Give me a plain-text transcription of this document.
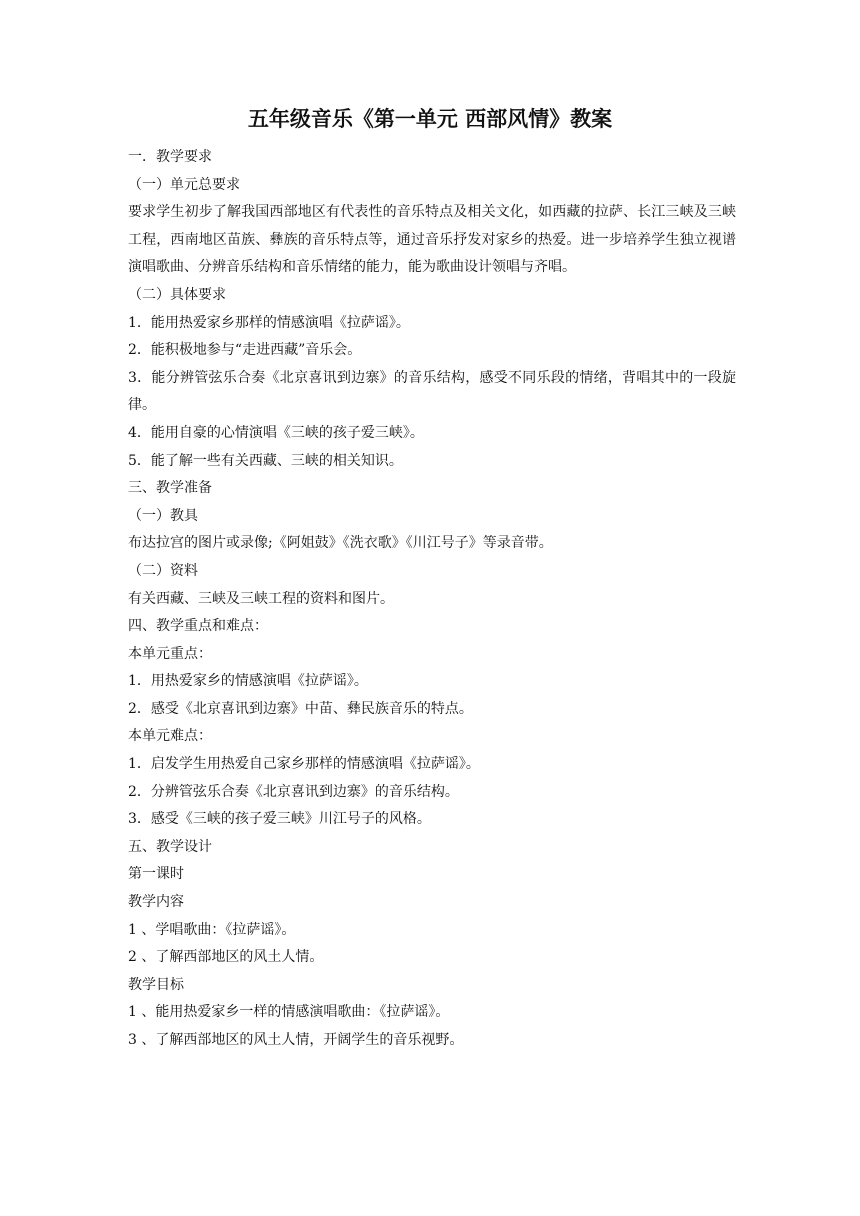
五年级音乐《第一单元 西部风情》教案
一．教学要求
（一）单元总要求
要求学生初步了解我国西部地区有代表性的音乐特点及相关文化，如西藏的拉萨、长江三峡及三峡工程，西南地区苗族、彝族的音乐特点等，通过音乐抒发对家乡的热爱。进一步培养学生独立视谱演唱歌曲、分辨音乐结构和音乐情绪的能力，能为歌曲设计领唱与齐唱。
（二）具体要求
1．能用热爱家乡那样的情感演唱《拉萨谣》。
2．能积极地参与“走进西藏”音乐会。
3．能分辨管弦乐合奏《北京喜讯到边寨》的音乐结构，感受不同乐段的情绪，背唱其中的一段旋律。
4．能用自豪的心情演唱《三峡的孩子爱三峡》。
5．能了解一些有关西藏、三峡的相关知识。
三、教学准备
（一）教具
布达拉宫的图片或录像;《阿姐鼓》《洗衣歌》《川江号子》等录音带。
（二）资料
有关西藏、三峡及三峡工程的资料和图片。
四、教学重点和难点：
本单元重点：
1．用热爱家乡的情感演唱《拉萨谣》。
2．感受《北京喜讯到边寨》中苗、彝民族音乐的特点。
本单元难点：
1．启发学生用热爱自己家乡那样的情感演唱《拉萨谣》。
2．分辨管弦乐合奏《北京喜讯到边寨》的音乐结构。
3．感受《三峡的孩子爱三峡》川江号子的风格。
五、教学设计
第一课时
教学内容
1 、学唱歌曲：《拉萨谣》。
2 、了解西部地区的风土人情。
教学目标
1 、能用热爱家乡一样的情感演唱歌曲：《拉萨谣》。
3 、了解西部地区的风土人情，开阔学生的音乐视野。
